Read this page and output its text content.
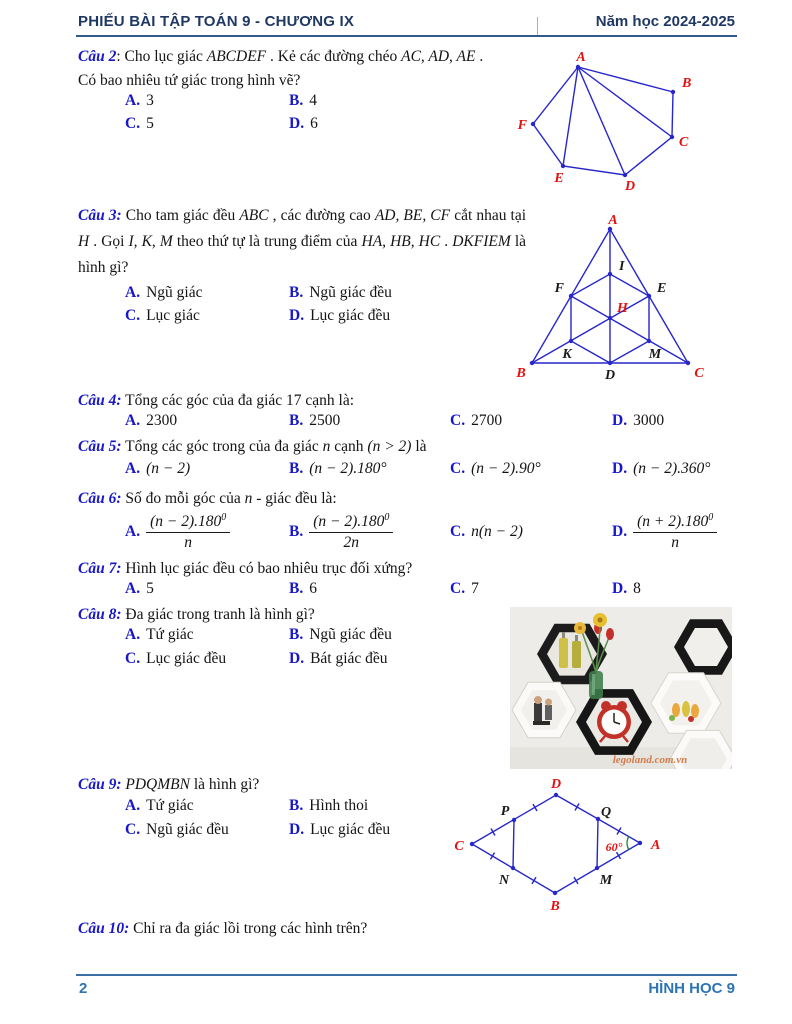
PHIẾU BÀI TẬP TOÁN 9 - CHƯƠNG IX	Năm học 2024-2025
Câu 2: Cho lục giác ABCDEF . Kẻ các đường chéo AC, AD, AE .
Có bao nhiêu tứ giác trong hình vẽ?
A. 3	B. 4
C. 5	D. 6
A
B
C
D
E
F
Câu 3: Cho tam giác đều ABC , các đường cao AD, BE, CF cắt nhau tại H . Gọi I, K, M theo thứ tự là trung điểm của HA, HB, HC . DKFIEM là hình gì?
A. Ngũ giác	B. Ngũ giác đều
C. Lục giác	D. Lục giác đều
A
B	C
H
D
I
F	E
K	M
Câu 4: Tổng các góc của đa giác 17 cạnh là:
A. 2300	B. 2500	C. 2700	D. 3000
Câu 5: Tổng các góc trong của đa giác n cạnh (n > 2) là
A. (n − 2)	B. (n − 2).180°	C. (n − 2).90°	D. (n − 2).360°
Câu 6: Số đo mỗi góc của n - giác đều là:
A. $\frac{(n - 2).180^0}{n}$	B. $\frac{(n - 2).180^0}{2n}$	C. n(n − 2)	D. $\frac{(n + 2).180^0}{n}$
Câu 7: Hình lục giác đều có bao nhiêu trục đối xứng?
A. 5	B. 6	C. 7	D. 8
Câu 8: Đa giác trong tranh là hình gì?
A. Tứ giác	B. Ngũ giác đều
C. Lục giác đều	D. Bát giác đều
legoland.com.vn
Câu 9: PDQMBN là hình gì?
A. Tứ giác	B. Hình thoi
C. Ngũ giác đều	D. Lục giác đều
D
C	A
B
P	Q
N	M
60°
Câu 10: Chỉ ra đa giác lồi trong các hình trên?
2	HÌNH HỌC 9
